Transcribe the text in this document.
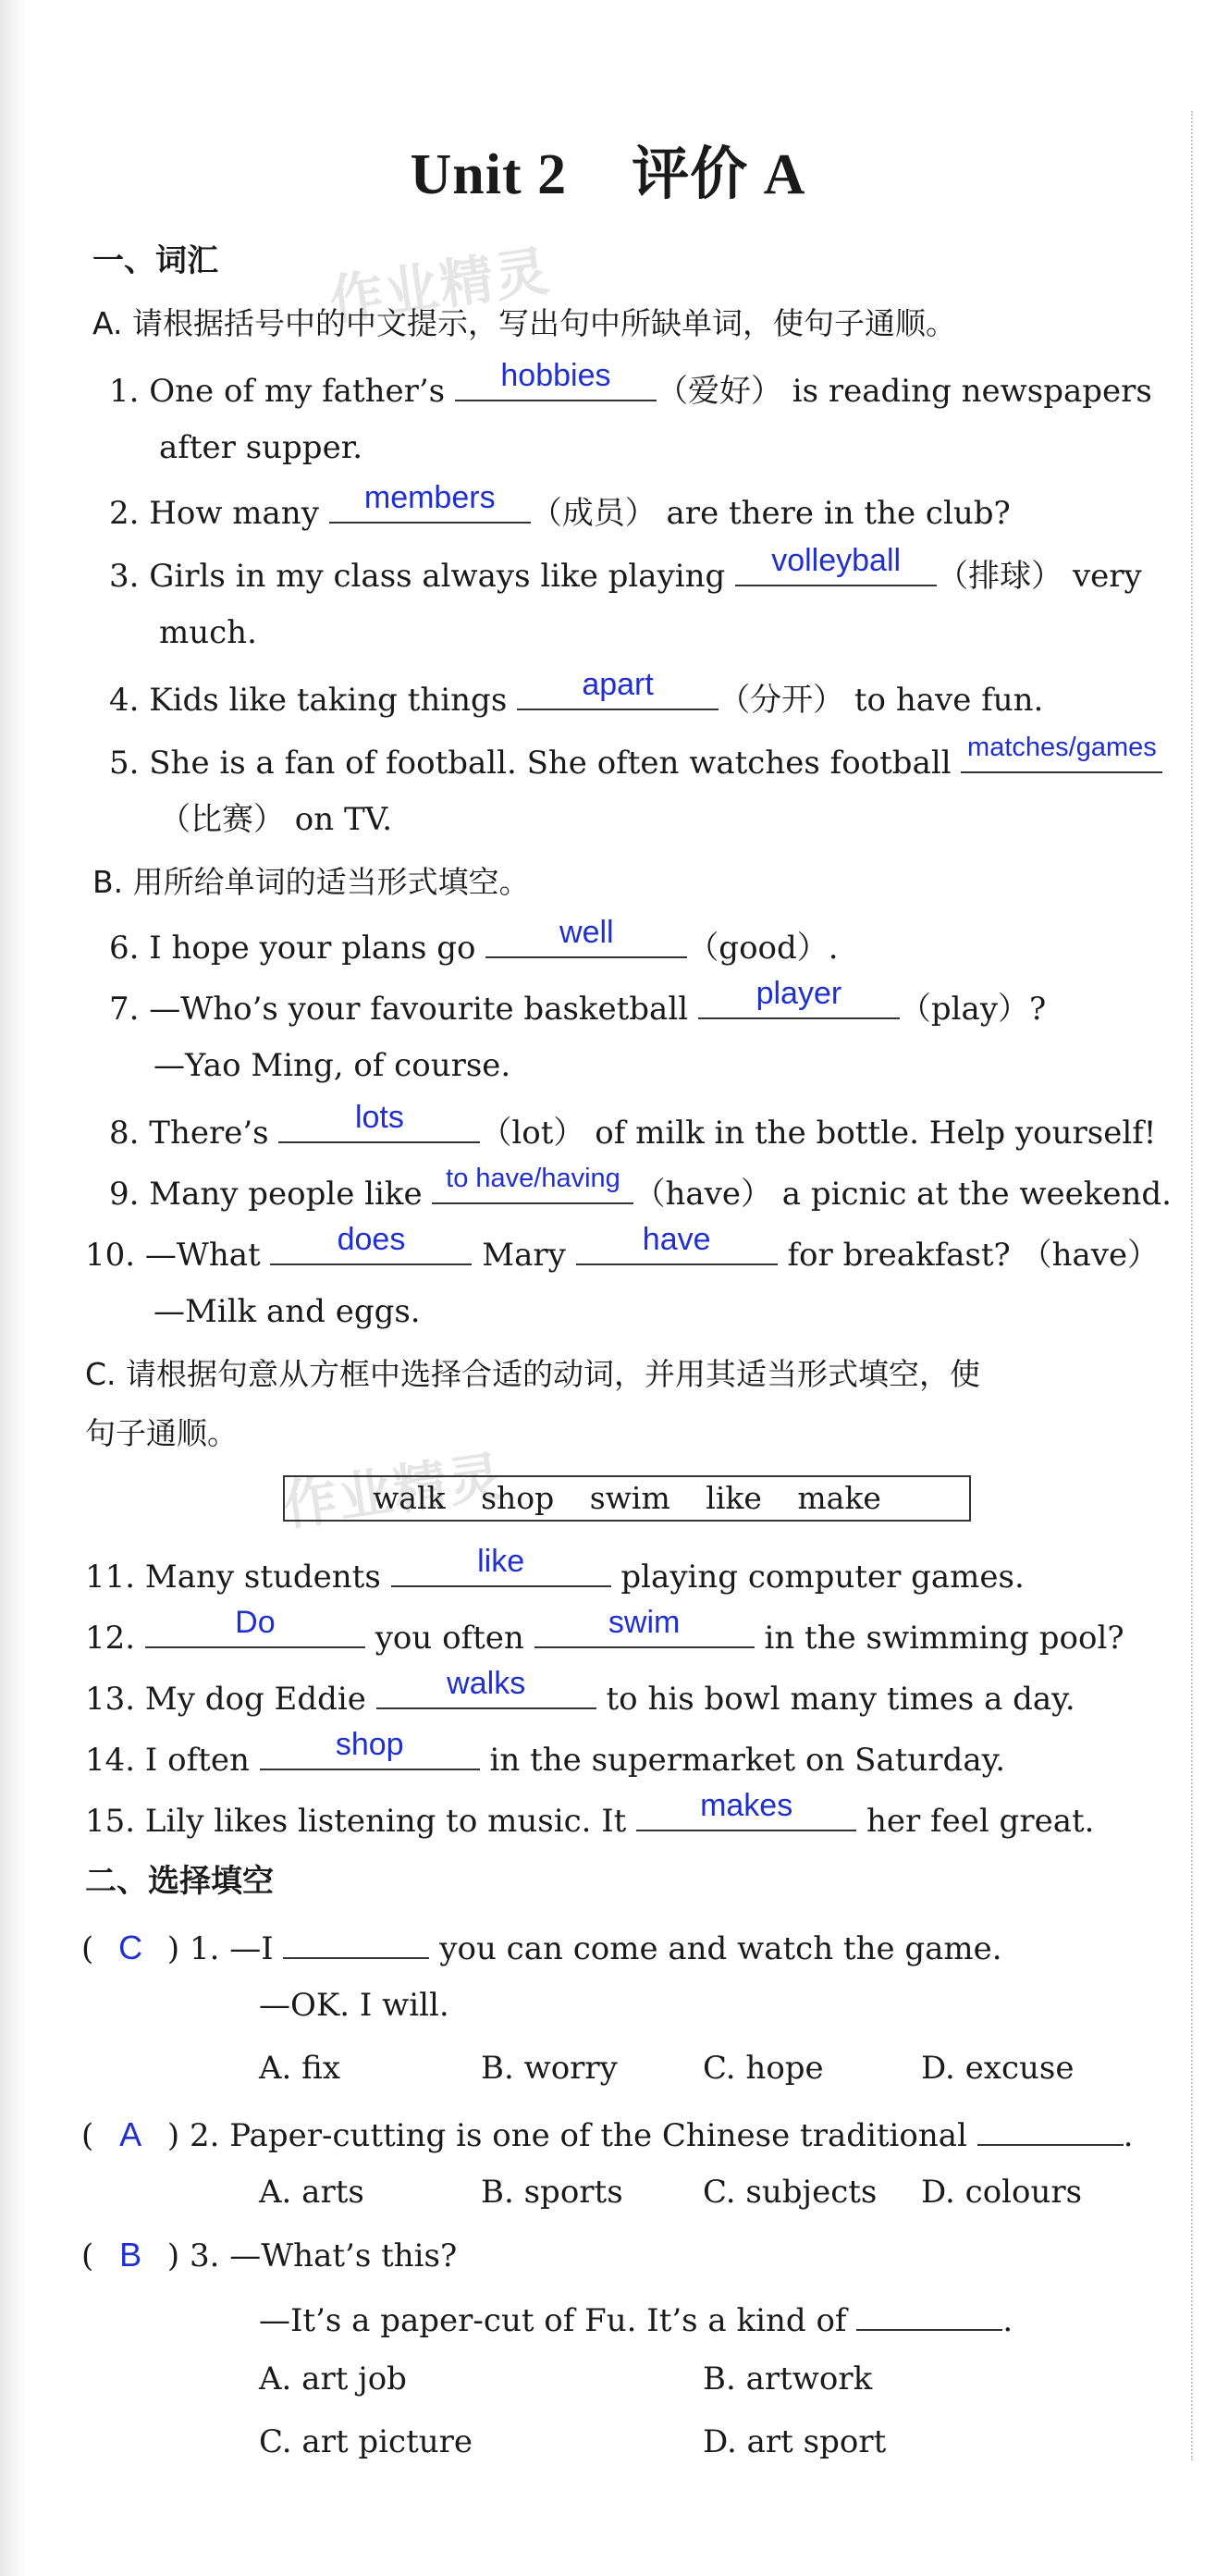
Unit 2 评价 A
作业精灵
作业精灵
一、词汇
A. 请根据括号中的中文提示，写出句中所缺单词，使句子通顺。
1. One of my father’s	hobbies	（爱好） is reading newspapers
after supper.
2. How many	members	（成员） are there in the club?
3. Girls in my class always like playing	volleyball	（排球） very
much.
4. Kids like taking things	apart	（分开） to have fun.
5. She is a fan of football. She often watches football matches/games
（比赛） on TV.
B. 用所给单词的适当形式填空。
6. I hope your plans go	well	（good）.
7. —Who’s your favourite basketball	player	（play）?
—Yao Ming, of course.
8. There’s	lots	（lot） of milk in the bottle. Help yourself!
9. Many people like to have/having （have） a picnic at the weekend.
10. —What	does	Mary	have	for breakfast? （have）
—Milk and eggs.
C. 请根据句意从方框中选择合适的动词，并用其适当形式填空，使
句子通顺。
walk shop swim like make
11. Many students	like	playing computer games.
12.	Do	you often	swim	in the swimming pool?
13. My dog Eddie	walks	to his bowl many times a day.
14. I often	shop	in the supermarket on Saturday.
15. Lily likes listening to music. It	makes	her feel great.
二、选择填空
( C ) 1. —I	you can come and watch the game.
—OK. I will.
A. fix	B. worry	C. hope	D. excuse
( A ) 2. Paper-cutting is one of the Chinese traditional	.
A. arts	B. sports	C. subjects D. colours
( B ) 3. —What’s this?
—It’s a paper-cut of Fu. It’s a kind of	.
A. art job	B. artwork
C. art picture	D. art sport
